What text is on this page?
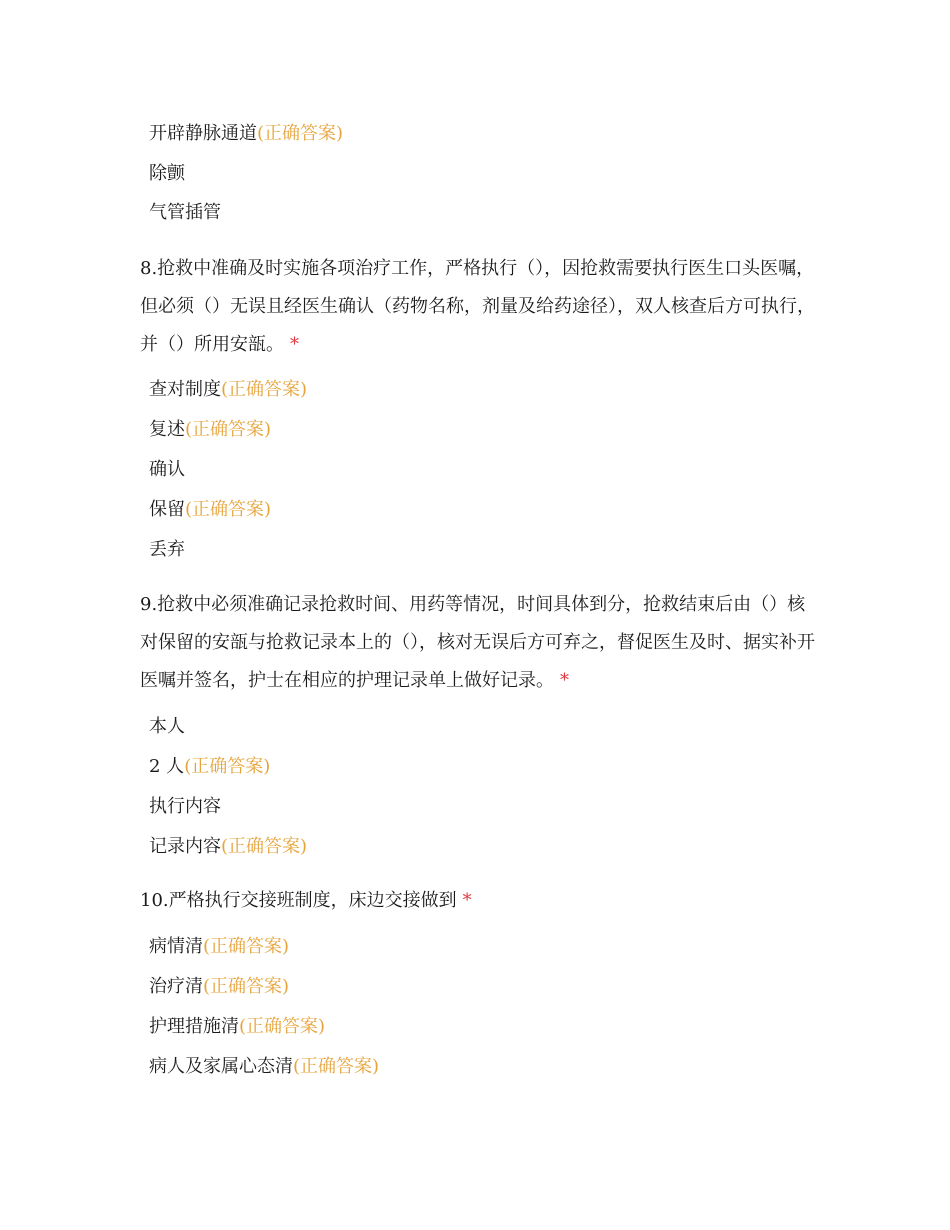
开辟静脉通道(正确答案)
除颤
气管插管
8.抢救中准确及时实施各项治疗工作，严格执行（），因抢救需要执行医生口头医嘱，但必须（）无误且经医生确认（药物名称，剂量及给药途径），双人核查后方可执行，并（）所用安瓿。 *
查对制度(正确答案)
复述(正确答案)
确认
保留(正确答案)
丢弃
9.抢救中必须准确记录抢救时间、用药等情况，时间具体到分，抢救结束后由（）核对保留的安瓿与抢救记录本上的（），核对无误后方可弃之，督促医生及时、据实补开医嘱并签名，护士在相应的护理记录单上做好记录。 *
本人
2 人(正确答案)
执行内容
记录内容(正确答案)
10.严格执行交接班制度，床边交接做到 *
病情清(正确答案)
治疗清(正确答案)
护理措施清(正确答案)
病人及家属心态清(正确答案)
